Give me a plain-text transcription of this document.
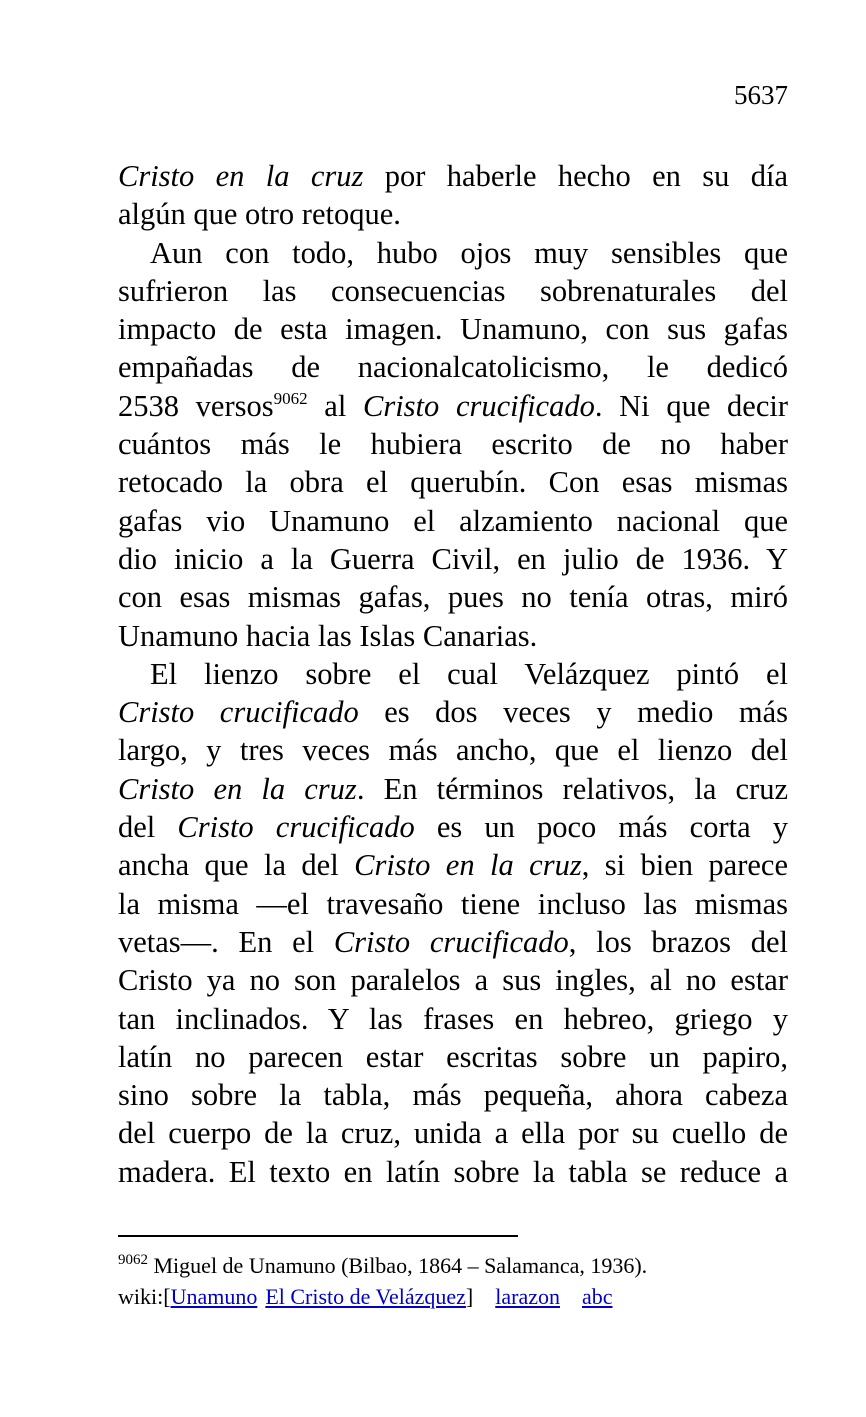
5637
Cristo en la cruz por haberle hecho en su día
algún que otro retoque.
Aun con todo, hubo ojos muy sensibles que
sufrieron las consecuencias sobrenaturales del
impacto de esta imagen. Unamuno, con sus gafas
empañadas de nacionalcatolicismo, le dedicó
2538 versos$^{9062}$ al Cristo crucificado. Ni que decir
cuántos más le hubiera escrito de no haber
retocado la obra el querubín. Con esas mismas
gafas vio Unamuno el alzamiento nacional que
dio inicio a la Guerra Civil, en julio de 1936. Y
con esas mismas gafas, pues no tenía otras, miró
Unamuno hacia las Islas Canarias.
El lienzo sobre el cual Velázquez pintó el
Cristo crucificado es dos veces y medio más
largo, y tres veces más ancho, que el lienzo del
Cristo en la cruz. En términos relativos, la cruz
del Cristo crucificado es un poco más corta y
ancha que la del Cristo en la cruz, si bien parece
la misma —el travesaño tiene incluso las mismas
vetas—. En el Cristo crucificado, los brazos del
Cristo ya no son paralelos a sus ingles, al no estar
tan inclinados. Y las frases en hebreo, griego y
latín no parecen estar escritas sobre un papiro,
sino sobre la tabla, más pequeña, ahora cabeza
del cuerpo de la cruz, unida a ella por su cuello de
madera. El texto en latín sobre la tabla se reduce a
$^{9062}$ Miguel de Unamuno (Bilbao, 1864 – Salamanca, 1936).
wiki:[Unamuno El Cristo de Velázquez] larazon abc
